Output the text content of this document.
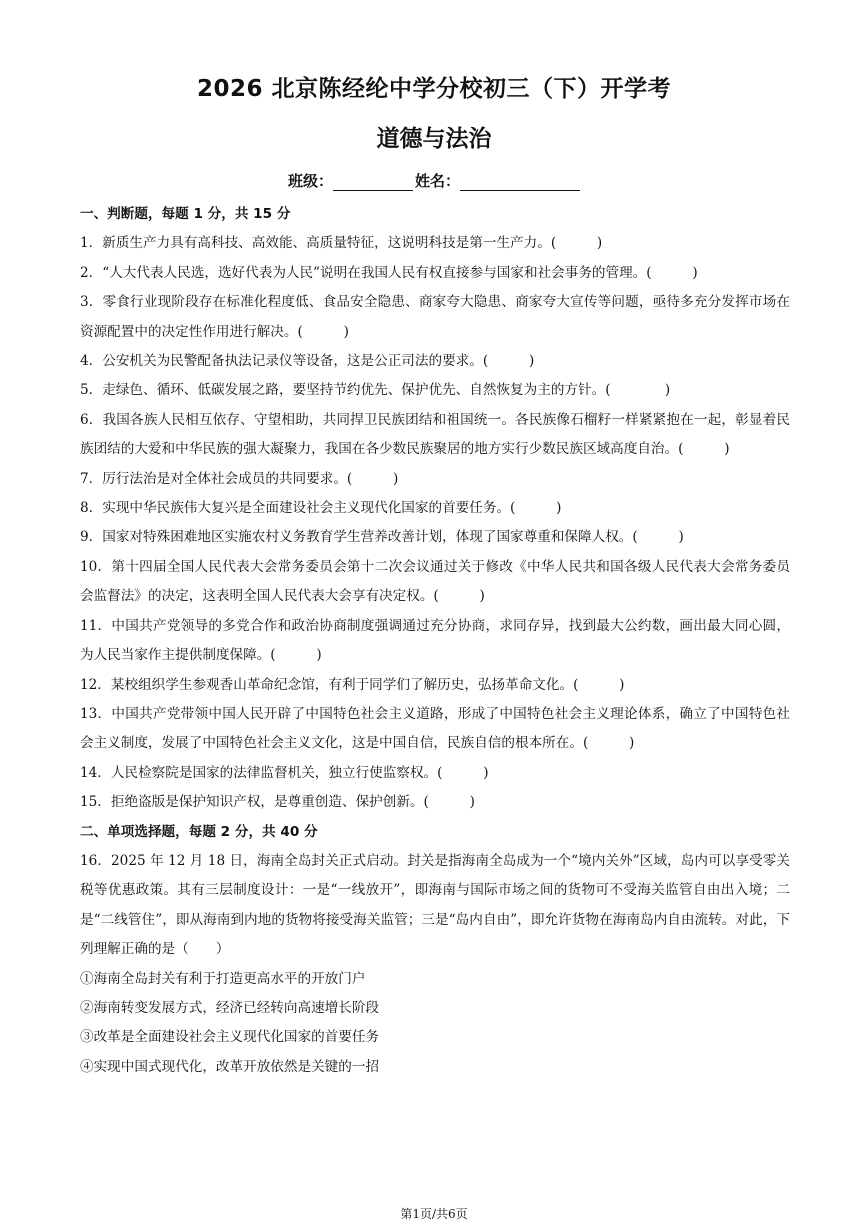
2026 北京陈经纶中学分校初三（下）开学考
道德与法治
班级：	姓名：
一、判断题，每题 1 分，共 15 分

1．新质生产力具有高科技、高效能、高质量特征，这说明科技是第一生产力。(　　　)

2．“人大代表人民选，选好代表为人民”说明在我国人民有权直接参与国家和社会事务的管理。(　　　)

3．零食行业现阶段存在标准化程度低、食品安全隐患、商家夸大隐患、商家夸大宣传等问题，亟待多充分发挥市场在资源配置中的决定性作用进行解决。(　　　)

4．公安机关为民警配备执法记录仪等设备，这是公正司法的要求。(　　　)

5．走绿色、循环、低碳发展之路，要坚持节约优先、保护优先、自然恢复为主的方针。(　　　　)

6．我国各族人民相互依存、守望相助，共同捍卫民族团结和祖国统一。各民族像石榴籽一样紧紧抱在一起，彰显着民族团结的大爱和中华民族的强大凝聚力，我国在各少数民族聚居的地方实行少数民族区域高度自治。(　　　)

7．厉行法治是对全体社会成员的共同要求。(　　　)

8．实现中华民族伟大复兴是全面建设社会主义现代化国家的首要任务。(　　　)

9．国家对特殊困难地区实施农村义务教育学生营养改善计划，体现了国家尊重和保障人权。(　　　)

10．第十四届全国人民代表大会常务委员会第十二次会议通过关于修改《中华人民共和国各级人民代表大会常务委员会监督法》的决定，这表明全国人民代表大会享有决定权。(　　　)

11．中国共产党领导的多党合作和政治协商制度强调通过充分协商，求同存异，找到最大公约数，画出最大同心圆，为人民当家作主提供制度保障。(　　　)

12．某校组织学生参观香山革命纪念馆，有利于同学们了解历史，弘扬革命文化。(　　　)

13．中国共产党带领中国人民开辟了中国特色社会主义道路，形成了中国特色社会主义理论体系，确立了中国特色社会主义制度，发展了中国特色社会主义文化，这是中国自信，民族自信的根本所在。(　　　)

14．人民检察院是国家的法律监督机关，独立行使监察权。(　　　)

15．拒绝盗版是保护知识产权，是尊重创造、保护创新。(　　　)

二、单项选择题，每题 2 分，共 40 分

16．2025 年 12 月 18 日，海南全岛封关正式启动。封关是指海南全岛成为一个“境内关外”区域，岛内可以享受零关税等优惠政策。其有三层制度设计：一是“一线放开”，即海南与国际市场之间的货物可不受海关监管自由出入境；二是“二线管住”，即从海南到内地的货物将接受海关监管；三是“岛内自由”，即允许货物在海南岛内自由流转。对此，下列理解正确的是（　　）

①海南全岛封关有利于打造更高水平的开放门户

②海南转变发展方式，经济已经转向高速增长阶段

③改革是全面建设社会主义现代化国家的首要任务

④实现中国式现代化，改革开放依然是关键的一招

第1页/共6页
